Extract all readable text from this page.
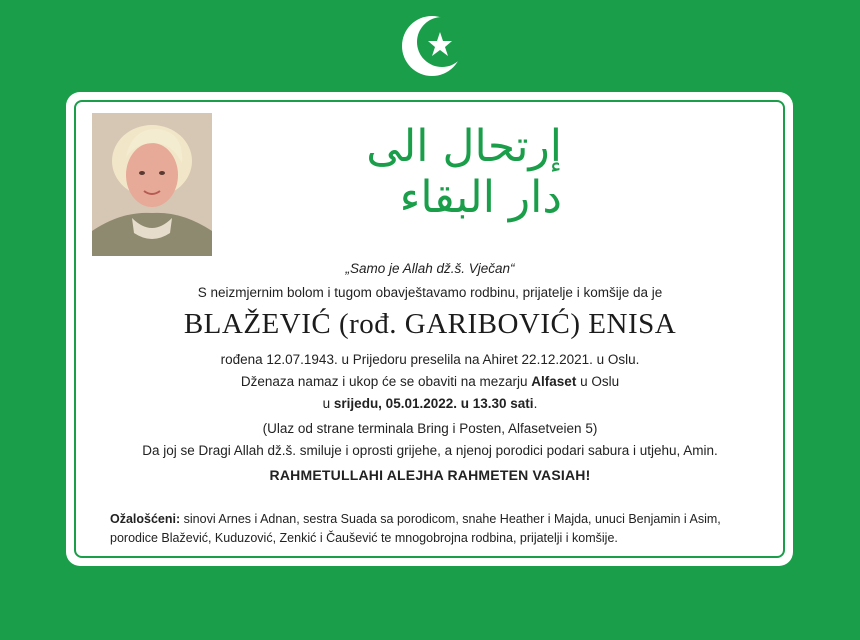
إرتحال الى دار البقاء
„Samo je Allah dž.š. Vječan“
S neizmjernim bolom i tugom obavještavamo rodbinu, prijatelje i komšije da je
BLAŽEVIĆ (rođ. GARIBOVIĆ) ENISA
rođena 12.07.1943. u Prijedoru preselila na Ahiret 22.12.2021. u Oslu.
Dženaza namaz i ukop će se obaviti na mezarju Alfaset u Oslu
u srijedu, 05.01.2022. u 13.30 sati.
(Ulaz od strane terminala Bring i Posten, Alfasetveien 5)
Da joj se Dragi Allah dž.š. smiluje i oprosti grijehe, a njenoj porodici podari sabura i utjehu, Amin.
RAHMETULLAHI ALEJHA RAHMETEN VASIAH!
Ožalošćeni: sinovi Arnes i Adnan, sestra Suada sa porodicom, snahe Heather i Majda, unuci Benjamin i Asim, porodice Blažević, Kuduzović, Zenkić i Čaušević te mnogobrojna rodbina, prijatelji i komšije.
